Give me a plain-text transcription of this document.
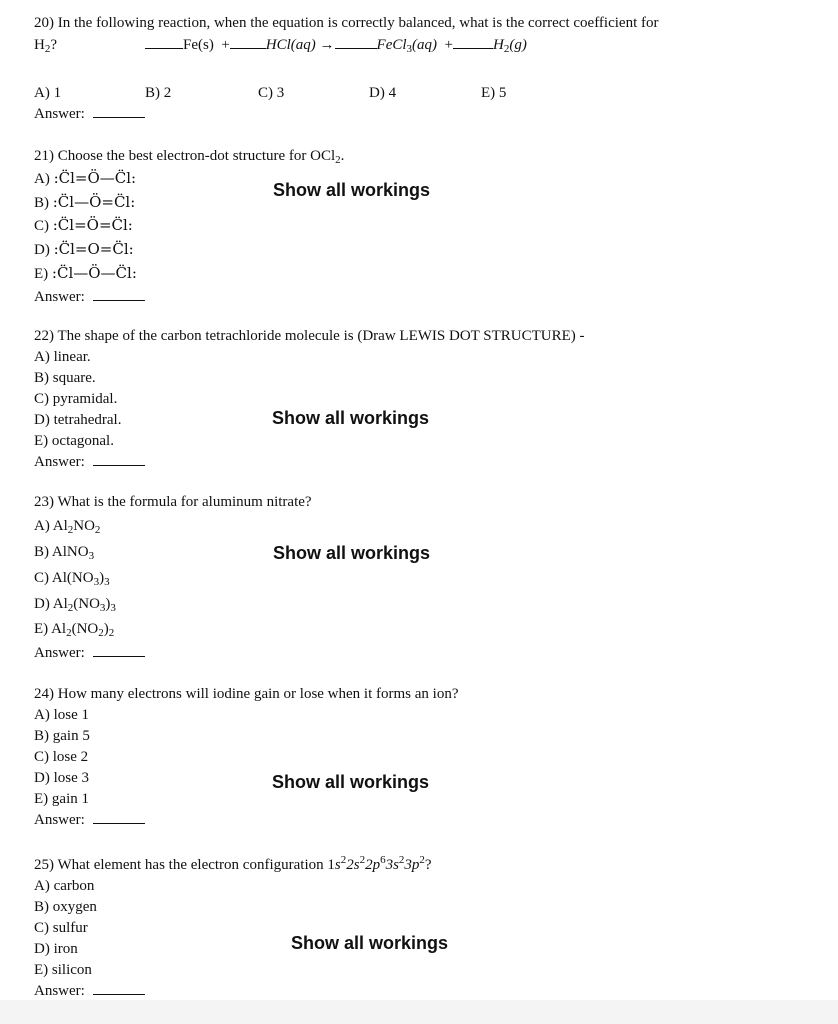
20) In the following reaction, when the equation is correctly balanced, what is the correct coefficient for
$H_2$?	Fe(s) + HCl(aq) →	FeCl$_3$(aq) +	$H_2(g)$
A) 1	B) 2	C) 3	D) 4	E) 5
Answer:
21) Choose the best electron-dot structure for OCl$_2$.
A) :C̈l=Ö—C̈l:
B) :C̈l—Ö=C̈l:
C) :C̈l=Ö=C̈l:
D) :C̈l=O=C̈l:
E) :C̈l—Ö—C̈l:
Answer:
Show all workings
22) The shape of the carbon tetrachloride molecule is (Draw LEWIS DOT STRUCTURE) -
A) linear.
B) square.
C) pyramidal.
D) tetrahedral.
E) octagonal.
Answer:
Show all workings
23) What is the formula for aluminum nitrate?
A) $Al_2NO_2$
B) AlNO$_3$
C) $Al(NO_3)_3$
D) $Al_2(NO_3)_3$
E) $Al_2(NO_2)_2$
Answer:
Show all workings
24) How many electrons will iodine gain or lose when it forms an ion?
A) lose 1
B) gain 5
C) lose 2
D) lose 3
E) gain 1
Answer:
Show all workings
25) What element has the electron configuration $1s^22s^22p^63s^23p^2$?
A) carbon
B) oxygen
C) sulfur
D) iron
E) silicon
Answer:
Show all workings
